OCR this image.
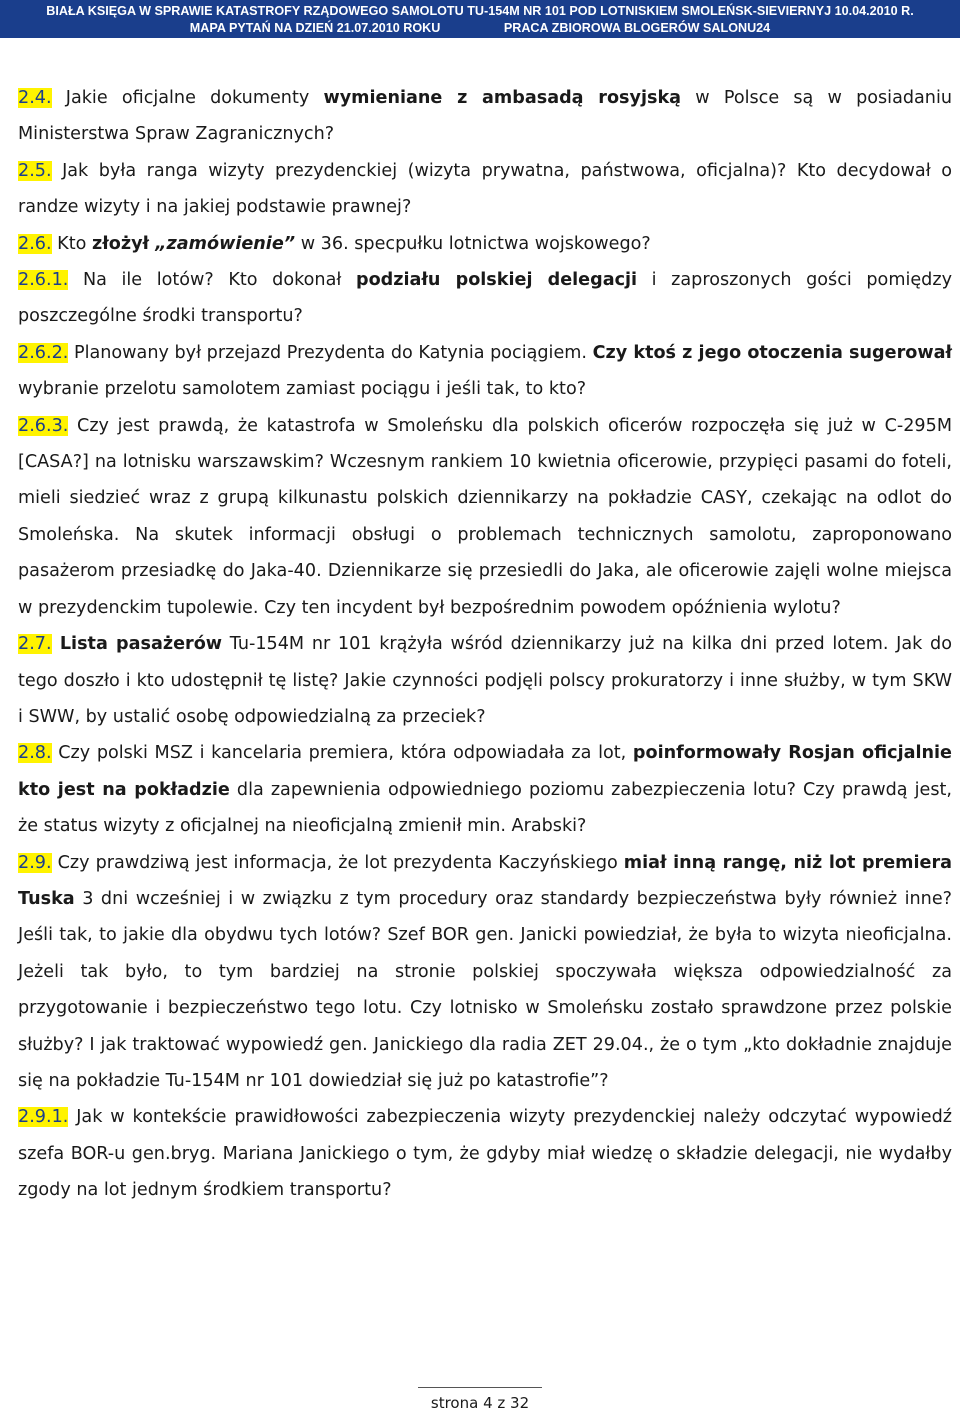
BIAŁA KSIĘGA W SPRAWIE KATASTROFY RZĄDOWEGO SAMOLOTU TU-154M NR 101 POD LOTNISKIEM SMOLEŃSK-SIEVIERNYJ 10.04.2010 R.
MAPA PYTAŃ NA DZIEŃ 21.07.2010 ROKU	PRACA ZBIOROWA BLOGERÓW SALONU24

2.4. Jakie oficjalne dokumenty wymieniane z ambasadą rosyjską w Polsce są w posiadaniu Ministerstwa Spraw Zagranicznych?

2.5. Jak była ranga wizyty prezydenckiej (wizyta prywatna, państwowa, oficjalna)? Kto decydował o randze wizyty i na jakiej podstawie prawnej?

2.6. Kto złożył „zamówienie” w 36. specpułku lotnictwa wojskowego?

2.6.1. Na ile lotów? Kto dokonał podziału polskiej delegacji i zaproszonych gości pomiędzy poszczególne środki transportu?

2.6.2. Planowany był przejazd Prezydenta do Katynia pociągiem. Czy ktoś z jego otoczenia sugerował wybranie przelotu samolotem zamiast pociągu i jeśli tak, to kto?

2.6.3. Czy jest prawdą, że katastrofa w Smoleńsku dla polskich oficerów rozpoczęła się już w C-295M [CASA?] na lotnisku warszawskim? Wczesnym rankiem 10 kwietnia oficerowie, przypięci pasami do foteli, mieli siedzieć wraz z grupą kilkunastu polskich dziennikarzy na pokładzie CASY, czekając na odlot do Smoleńska. Na skutek informacji obsługi o problemach technicznych samolotu, zaproponowano pasażerom przesiadkę do Jaka-40. Dziennikarze się przesiedli do Jaka, ale oficerowie zajęli wolne miejsca w prezydenckim tupolewie. Czy ten incydent był bezpośrednim powodem opóźnienia wylotu?

2.7. Lista pasażerów Tu-154M nr 101 krążyła wśród dziennikarzy już na kilka dni przed lotem. Jak do tego doszło i kto udostępnił tę listę? Jakie czynności podjęli polscy prokuratorzy i inne służby, w tym SKW i SWW, by ustalić osobę odpowiedzialną za przeciek?

2.8. Czy polski MSZ i kancelaria premiera, która odpowiadała za lot, poinformowały Rosjan oficjalnie kto jest na pokładzie dla zapewnienia odpowiedniego poziomu zabezpieczenia lotu? Czy prawdą jest, że status wizyty z oficjalnej na nieoficjalną zmienił min. Arabski?

2.9. Czy prawdziwą jest informacja, że lot prezydenta Kaczyńskiego miał inną rangę, niż lot premiera Tuska 3 dni wcześniej i w związku z tym procedury oraz standardy bezpieczeństwa były również inne? Jeśli tak, to jakie dla obydwu tych lotów? Szef BOR gen. Janicki powiedział, że była to wizyta nieoficjalna. Jeżeli tak było, to tym bardziej na stronie polskiej spoczywała większa odpowiedzialność za przygotowanie i bezpieczeństwo tego lotu. Czy lotnisko w Smoleńsku zostało sprawdzone przez polskie służby? I jak traktować wypowiedź gen. Janickiego dla radia ZET 29.04., że o tym „kto dokładnie znajduje się na pokładzie Tu-154M nr 101 dowiedział się już po katastrofie”?

2.9.1. Jak w kontekście prawidłowości zabezpieczenia wizyty prezydenckiej należy odczytać wypowiedź szefa BOR-u gen.bryg. Mariana Janickiego o tym, że gdyby miał wiedzę o składzie delegacji, nie wydałby zgody na lot jednym środkiem transportu?

strona 4 z 32
